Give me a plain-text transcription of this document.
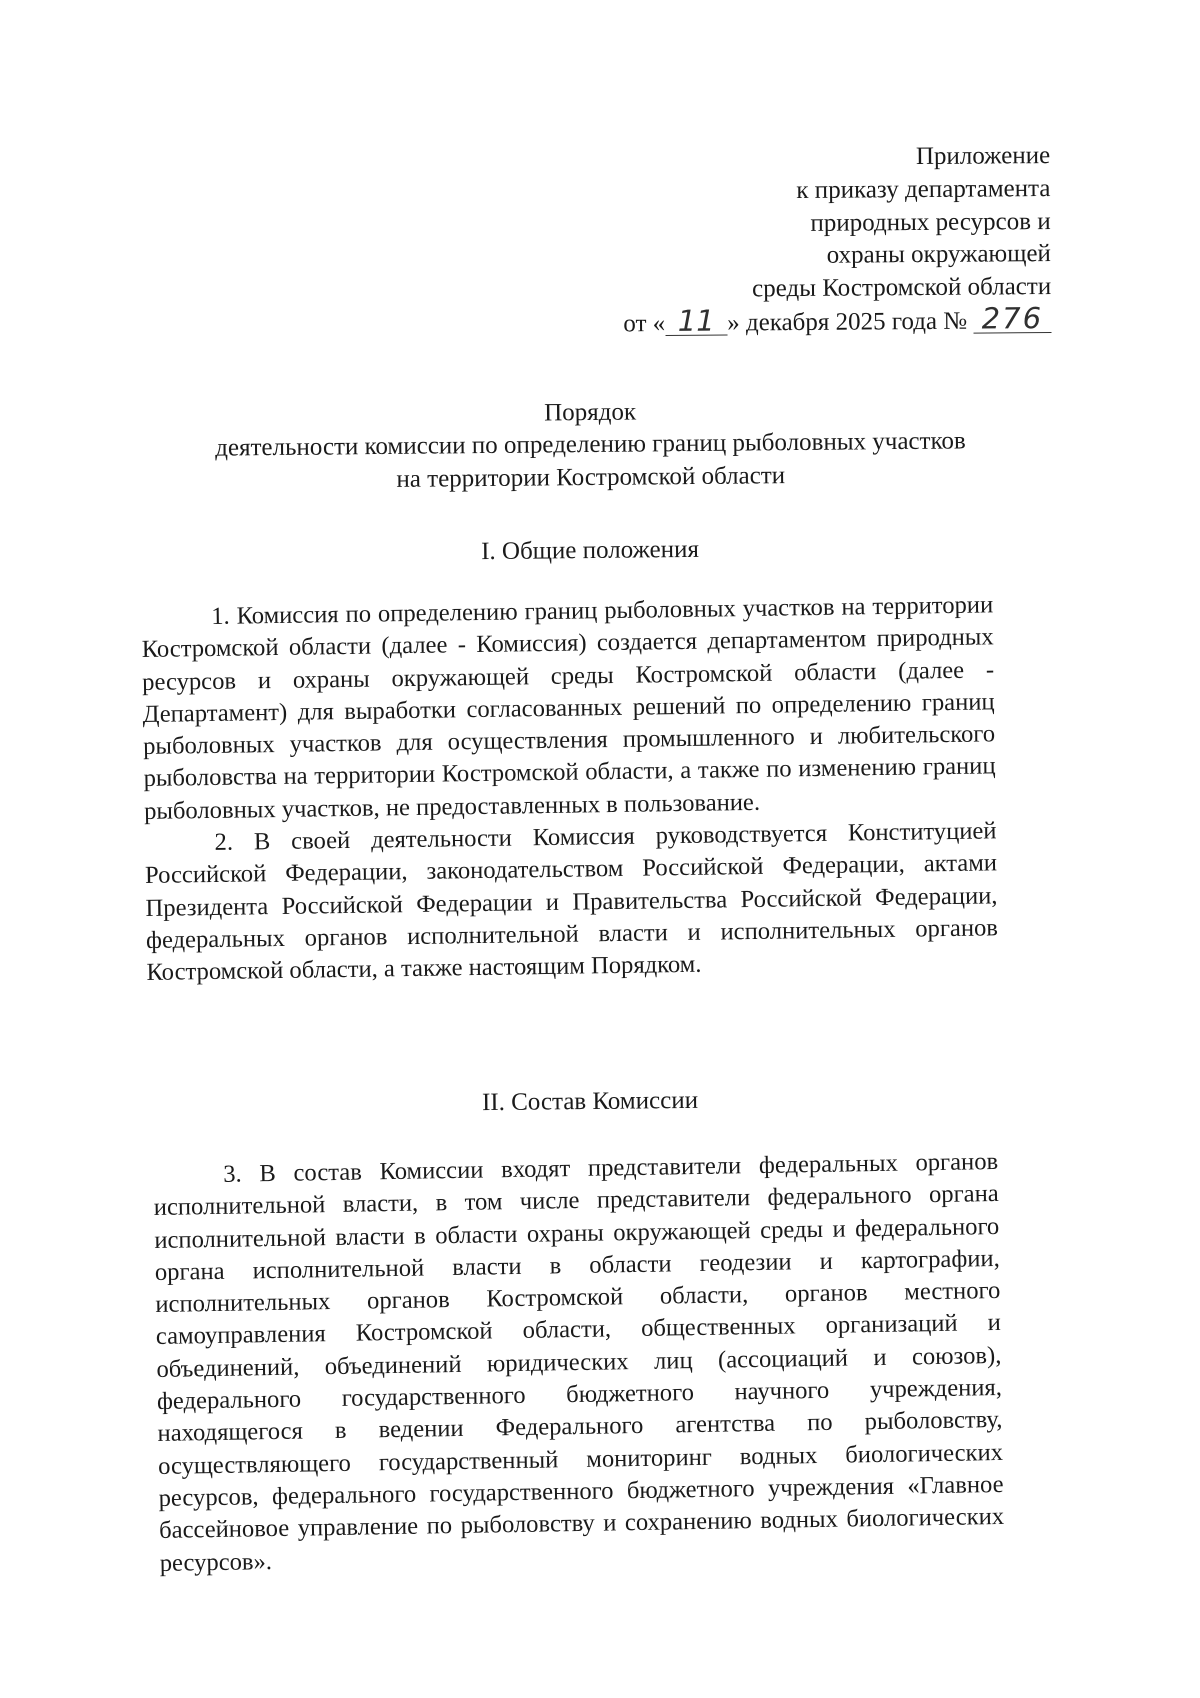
Приложение
к приказу департамента
природных ресурсов и
охраны окружающей
среды Костромской области
от « 11 » декабря 2025 года № 276
Порядок
деятельности комиссии по определению границ рыболовных участков
на территории Костромской области
I. Общие положения

1. Комиссия по определению границ рыболовных участков на территории Костромской области (далее - Комиссия) создается департаментом природных ресурсов и охраны окружающей среды Костромской области (далее - Департамент) для выработки согласованных решений по определению границ рыболовных участков для осуществления промышленного и любительского рыболовства на территории Костромской области, а также по изменению границ рыболовных участков, не предоставленных в пользование.

2. В своей деятельности Комиссия руководствуется Конституцией Российской Федерации, законодательством Российской Федерации, актами Президента Российской Федерации и Правительства Российской Федерации, федеральных органов исполнительной власти и исполнительных органов Костромской области, а также настоящим Порядком.

II. Состав Комиссии

3. В состав Комиссии входят представители федеральных органов исполнительной власти, в том числе представители федерального органа исполнительной власти в области охраны окружающей среды и федерального органа исполнительной власти в области геодезии и картографии, исполнительных органов Костромской области, органов местного самоуправления Костромской области, общественных организаций и объединений, объединений юридических лиц (ассоциаций и союзов), федерального государственного бюджетного научного учреждения, находящегося в ведении Федерального агентства по рыболовству, осуществляющего государственный мониторинг водных биологических ресурсов, федерального государственного бюджетного учреждения «Главное бассейновое управление по рыболовству и сохранению водных биологических ресурсов».
